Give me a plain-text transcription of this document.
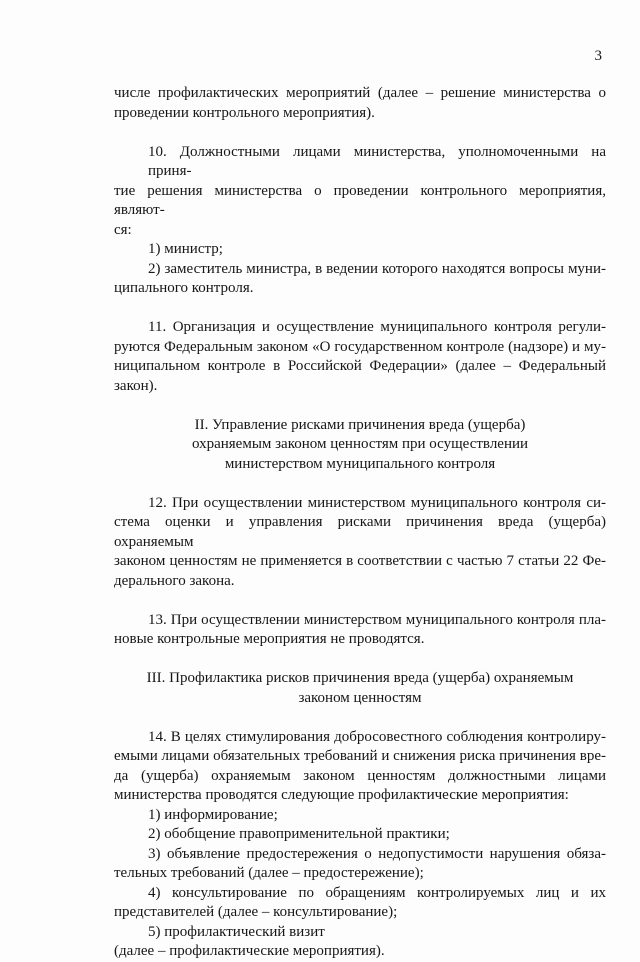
3
числе профилактических мероприятий (далее – решение министерства о
проведении контрольного мероприятия).
10. Должностными лицами министерства, уполномоченными на приня-
тие решения министерства о проведении контрольного мероприятия, являют-
ся:
1) министр;
2) заместитель министра, в ведении которого находятся вопросы муни-
ципального контроля.
11. Организация и осуществление муниципального контроля регули-
руются Федеральным законом «О государственном контроле (надзоре) и му-
ниципальном контроле в Российской Федерации» (далее – Федеральный
закон).
II. Управление рисками причинения вреда (ущерба)
охраняемым законом ценностям при осуществлении
министерством муниципального контроля
12. При осуществлении министерством муниципального контроля си-
стема оценки и управления рисками причинения вреда (ущерба) охраняемым
законом ценностям не применяется в соответствии с частью 7 статьи 22 Фе-
дерального закона.
13. При осуществлении министерством муниципального контроля пла-
новые контрольные мероприятия не проводятся.
III. Профилактика рисков причинения вреда (ущерба) охраняемым
законом ценностям
14. В целях стимулирования добросовестного соблюдения контролиру-
емыми лицами обязательных требований и снижения риска причинения вре-
да (ущерба) охраняемым законом ценностям должностными лицами
министерства проводятся следующие профилактические мероприятия:
1) информирование;
2) обобщение правоприменительной практики;
3) объявление предостережения о недопустимости нарушения обяза-
тельных требований (далее – предостережение);
4) консультирование по обращениям контролируемых лиц и их
представителей (далее – консультирование);
5) профилактический визит
(далее – профилактические мероприятия).
